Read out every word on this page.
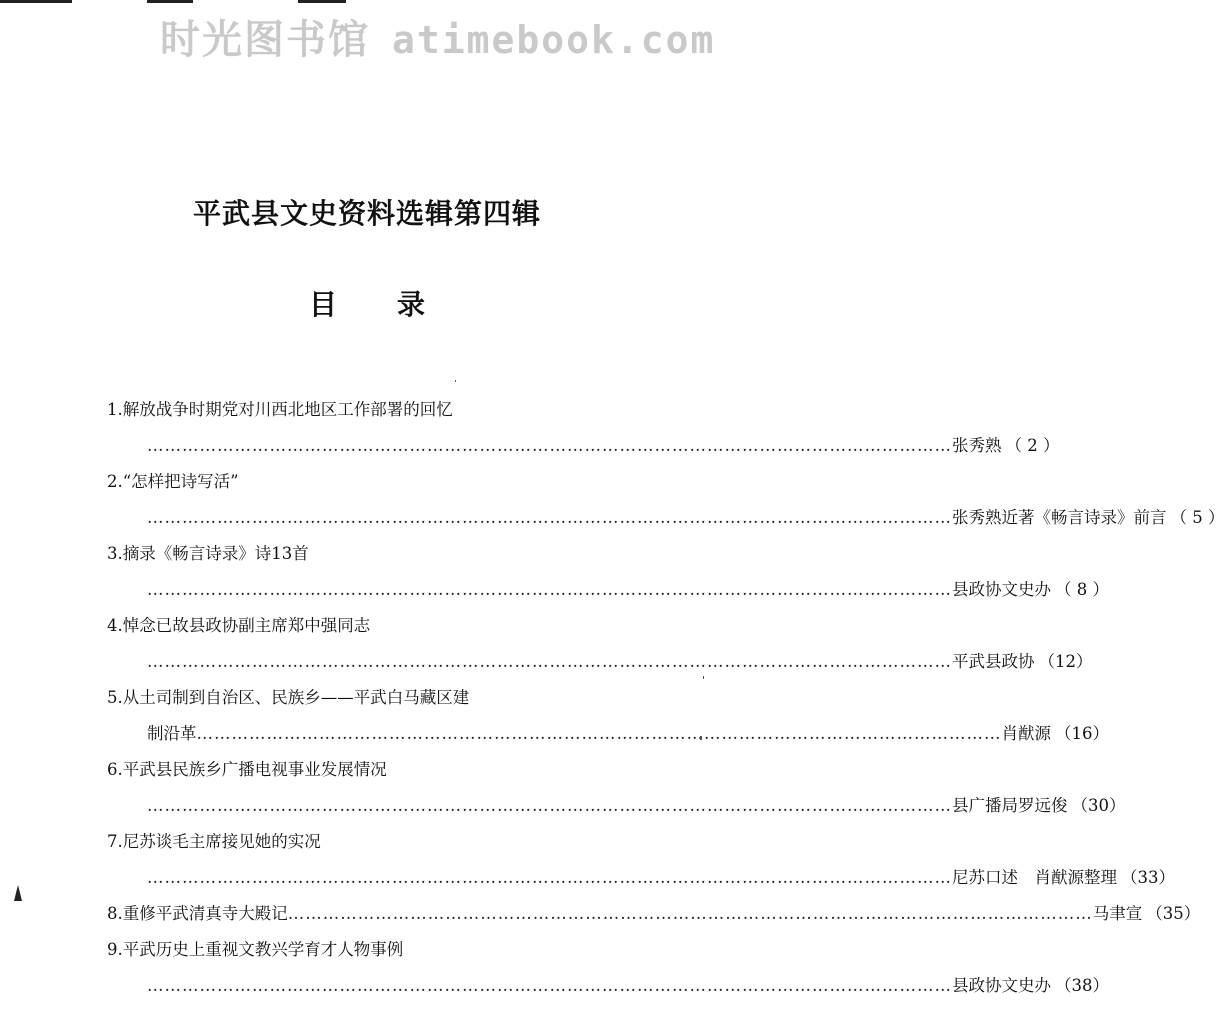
时光图书馆 atimebook.com
平武县文史资料选辑第四辑
目录
1.解放战争时期党对川西北地区工作部署的回忆
…………………………………………………………………………………………………………………………
张秀熟 （ 2 ）
2.“怎样把诗写活”
…………………………………………………………………………………………………………………………
张秀熟近著《畅言诗录》前言 （ 5 ）
3.摘录《畅言诗录》诗13首
…………………………………………………………………………………………………………………………
县政协文史办 （ 8 ）
4.悼念已故县政协副主席郑中强同志
…………………………………………………………………………………………………………………………
平武县政协 （12）
5.从土司制到自治区、民族乡——平武白马藏区建
制沿革 …………………………………………………………………………………………………………………………	肖猷源 （16）
6.平武县民族乡广播电视事业发展情况
…………………………………………………………………………………………………………………………
县广播局罗远俊 （30）
7.尼苏谈毛主席接见她的实况
…………………………………………………………………………………………………………………………
尼苏口述　肖猷源整理 （33）
8.重修平武清真寺大殿记 …………………………………………………………………………………………………………………………	马聿宣 （35）
9.平武历史上重视文教兴学育才人物事例
…………………………………………………………………………………………………………………………
县政协文史办 （38）
